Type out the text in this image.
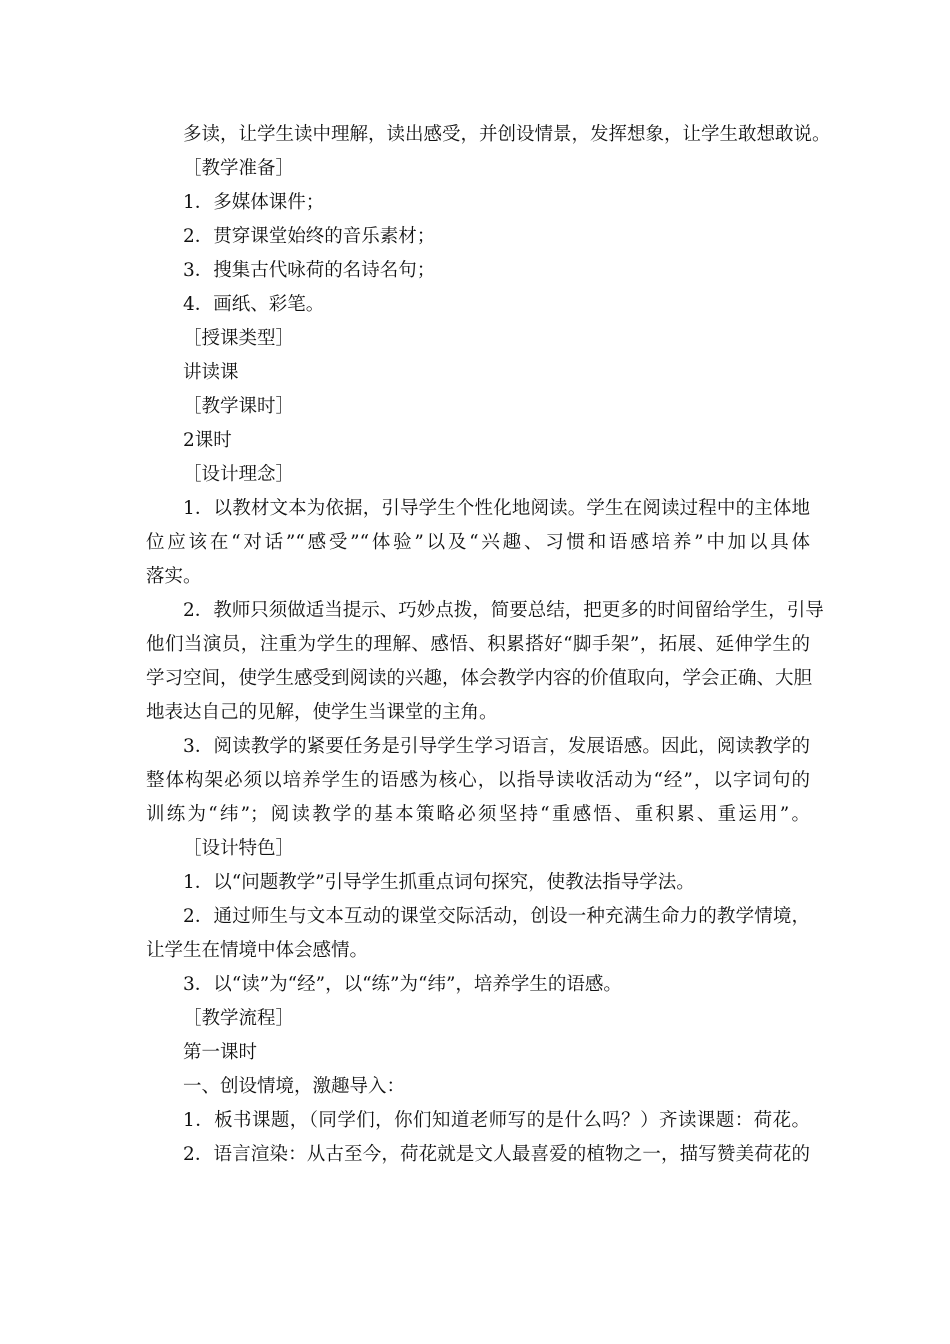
多读，让学生读中理解，读出感受，并创设情景，发挥想象，让学生敢想敢说。

［教学准备］

1．多媒体课件；

2．贯穿课堂始终的音乐素材；

3．搜集古代咏荷的名诗名句；

4．画纸、彩笔。

［授课类型］

讲读课

［教学课时］

2课时

［设计理念］

1．以教材文本为依据，引导学生个性化地阅读。学生在阅读过程中的主体地

位应该在“对话”“感受”“体验”以及“兴趣、习惯和语感培养”中加以具体

落实。

2．教师只须做适当提示、巧妙点拨，简要总结，把更多的时间留给学生，引导

他们当演员，注重为学生的理解、感悟、积累搭好“脚手架”，拓展、延伸学生的

学习空间，使学生感受到阅读的兴趣，体会教学内容的价值取向，学会正确、大胆

地表达自己的见解，使学生当课堂的主角。

3．阅读教学的紧要任务是引导学生学习语言，发展语感。因此，阅读教学的

整体构架必须以培养学生的语感为核心，以指导读收活动为“经”，以字词句的

训练为“纬”；阅读教学的基本策略必须坚持“重感悟、重积累、重运用”。

［设计特色］

1．以“问题教学”引导学生抓重点词句探究，使教法指导学法。

2．通过师生与文本互动的课堂交际活动，创设一种充满生命力的教学情境，

让学生在情境中体会感情。

3．以“读”为“经”，以“练”为“纬”，培养学生的语感。

［教学流程］

第一课时

一、创设情境，激趣导入：

1．板书课题，（同学们，你们知道老师写的是什么吗？）齐读课题：荷花。

2．语言渲染：从古至今，荷花就是文人最喜爱的植物之一，描写赞美荷花的
